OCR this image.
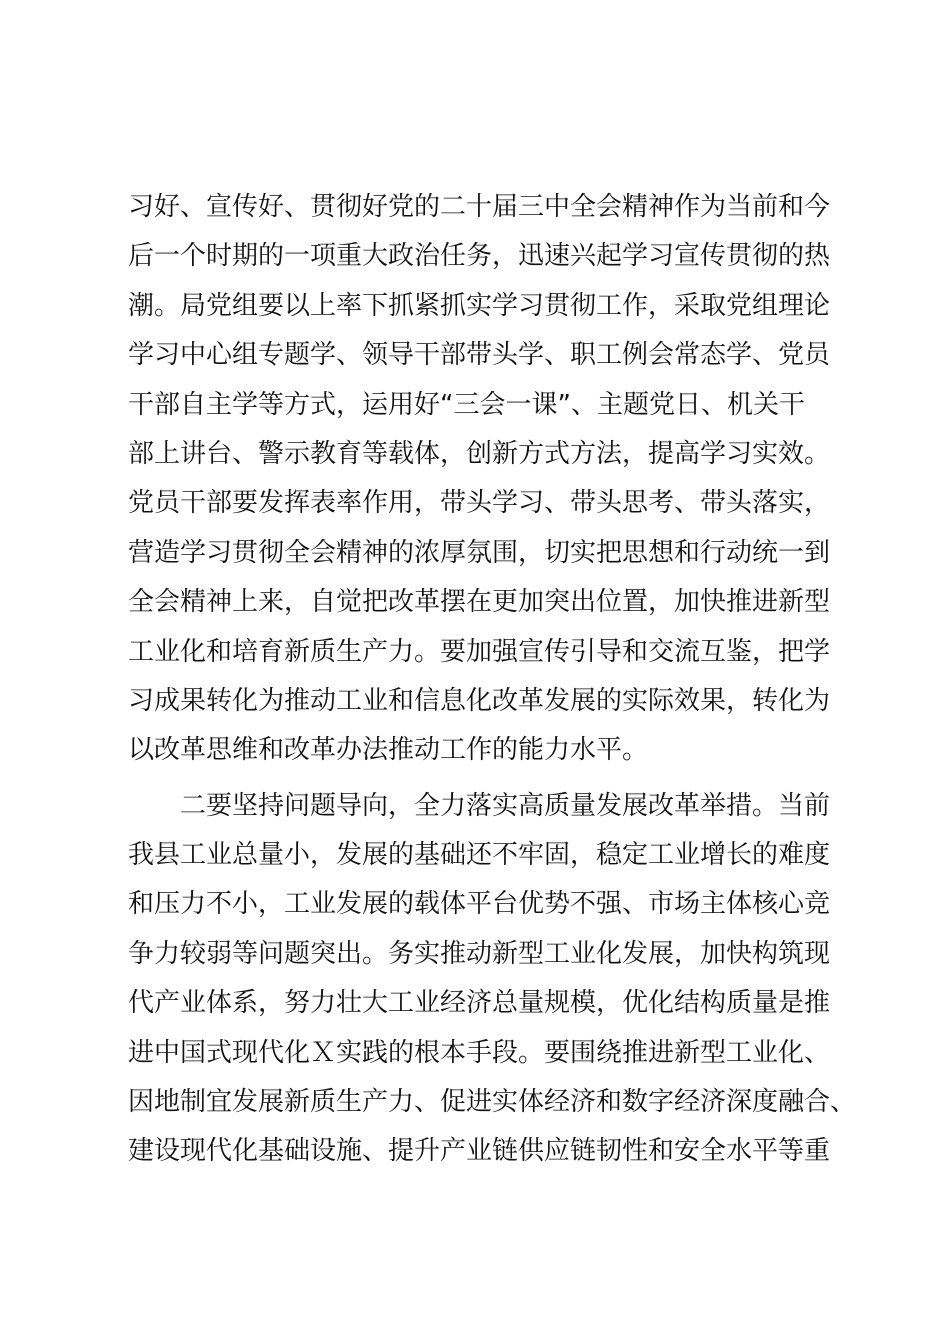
习好、宣传好、贯彻好党的二十届三中全会精神作为当前和今
后一个时期的一项重大政治任务，迅速兴起学习宣传贯彻的热
潮。局党组要以上率下抓紧抓实学习贯彻工作，采取党组理论
学习中心组专题学、领导干部带头学、职工例会常态学、党员
干部自主学等方式，运用好“三会一课”、主题党日、机关干
部上讲台、警示教育等载体，创新方式方法，提高学习实效。
党员干部要发挥表率作用，带头学习、带头思考、带头落实，
营造学习贯彻全会精神的浓厚氛围，切实把思想和行动统一到
全会精神上来，自觉把改革摆在更加突出位置，加快推进新型
工业化和培育新质生产力。要加强宣传引导和交流互鉴，把学
习成果转化为推动工业和信息化改革发展的实际效果，转化为
以改革思维和改革办法推动工作的能力水平。
二要坚持问题导向，全力落实高质量发展改革举措。当前
我县工业总量小，发展的基础还不牢固，稳定工业增长的难度
和压力不小，工业发展的载体平台优势不强、市场主体核心竞
争力较弱等问题突出。务实推动新型工业化发展，加快构筑现
代产业体系，努力壮大工业经济总量规模，优化结构质量是推
进中国式现代化Ｘ实践的根本手段。要围绕推进新型工业化、
因地制宜发展新质生产力、促进实体经济和数字经济深度融合、
建设现代化基础设施、提升产业链供应链韧性和安全水平等重
